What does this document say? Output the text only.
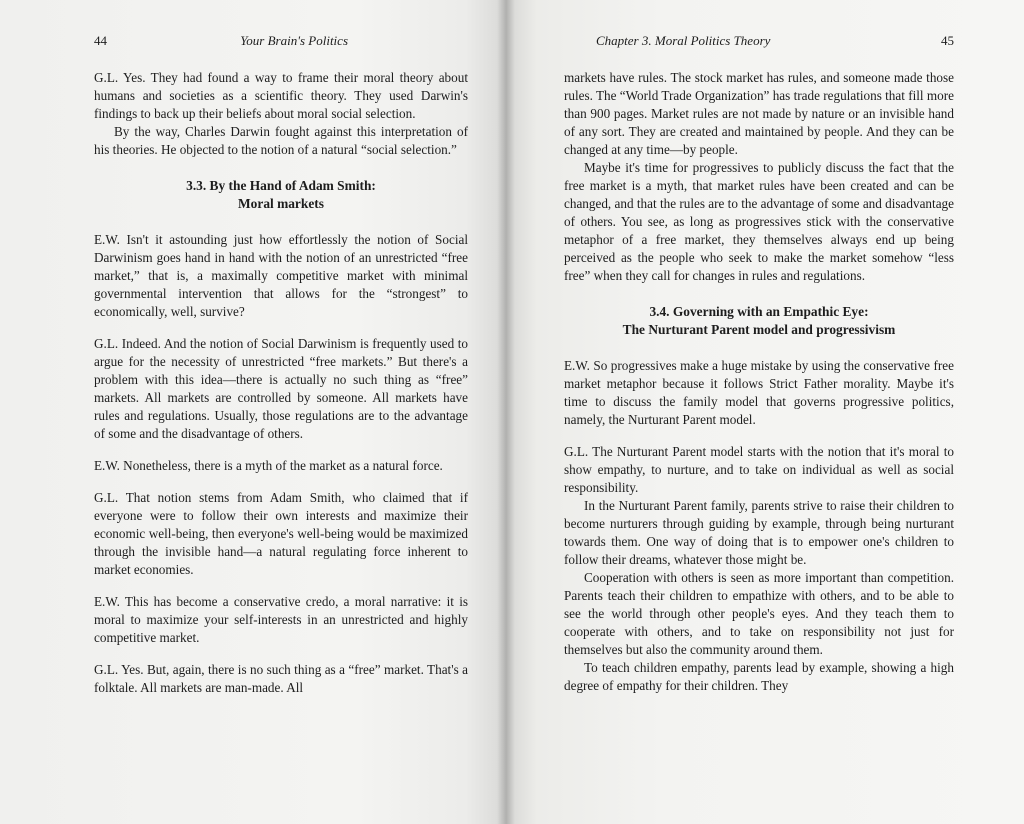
44	Your Brain's Politics

G.L. Yes. They had found a way to frame their moral theory about humans and societies as a scientific theory. They used Darwin's findings to back up their beliefs about moral social selection.

By the way, Charles Darwin fought against this interpretation of his theories. He objected to the notion of a natural “social selection.”

3.3. By the Hand of Adam Smith:
Moral markets

E.W. Isn't it astounding just how effortlessly the notion of Social Darwinism goes hand in hand with the notion of an unrestricted “free market,” that is, a maximally competitive market with minimal governmental intervention that allows for the “strongest” to economically, well, survive?

G.L. Indeed. And the notion of Social Darwinism is frequently used to argue for the necessity of unrestricted “free markets.” But there's a problem with this idea—there is actually no such thing as “free” markets. All markets are controlled by someone. All markets have rules and regulations. Usually, those regulations are to the advantage of some and the disadvantage of others.

E.W. Nonetheless, there is a myth of the market as a natural force.

G.L. That notion stems from Adam Smith, who claimed that if everyone were to follow their own interests and maximize their economic well-being, then everyone's well-being would be maximized through the invisible hand—a natural regulating force inherent to market economies.

E.W. This has become a conservative credo, a moral narrative: it is moral to maximize your self-interests in an unrestricted and highly competitive market.

G.L. Yes. But, again, there is no such thing as a “free” market. That's a folktale. All markets are man-made. All

Chapter 3. Moral Politics Theory	45

markets have rules. The stock market has rules, and someone made those rules. The “World Trade Organization” has trade regulations that fill more than 900 pages. Market rules are not made by nature or an invisible hand of any sort. They are created and maintained by people. And they can be changed at any time—by people.

Maybe it's time for progressives to publicly discuss the fact that the free market is a myth, that market rules have been created and can be changed, and that the rules are to the advantage of some and disadvantage of others. You see, as long as progressives stick with the conservative metaphor of a free market, they themselves always end up being perceived as the people who seek to make the market somehow “less free” when they call for changes in rules and regulations.

3.4. Governing with an Empathic Eye:
The Nurturant Parent model and progressivism

E.W. So progressives make a huge mistake by using the conservative free market metaphor because it follows Strict Father morality. Maybe it's time to discuss the family model that governs progressive politics, namely, the Nurturant Parent model.

G.L. The Nurturant Parent model starts with the notion that it's moral to show empathy, to nurture, and to take on individual as well as social responsibility.

In the Nurturant Parent family, parents strive to raise their children to become nurturers through guiding by example, through being nurturant towards them. One way of doing that is to empower one's children to follow their dreams, whatever those might be.

Cooperation with others is seen as more important than competition. Parents teach their children to empathize with others, and to be able to see the world through other people's eyes. And they teach them to cooperate with others, and to take on responsibility not just for themselves but also the community around them.

To teach children empathy, parents lead by example, showing a high degree of empathy for their children. They
